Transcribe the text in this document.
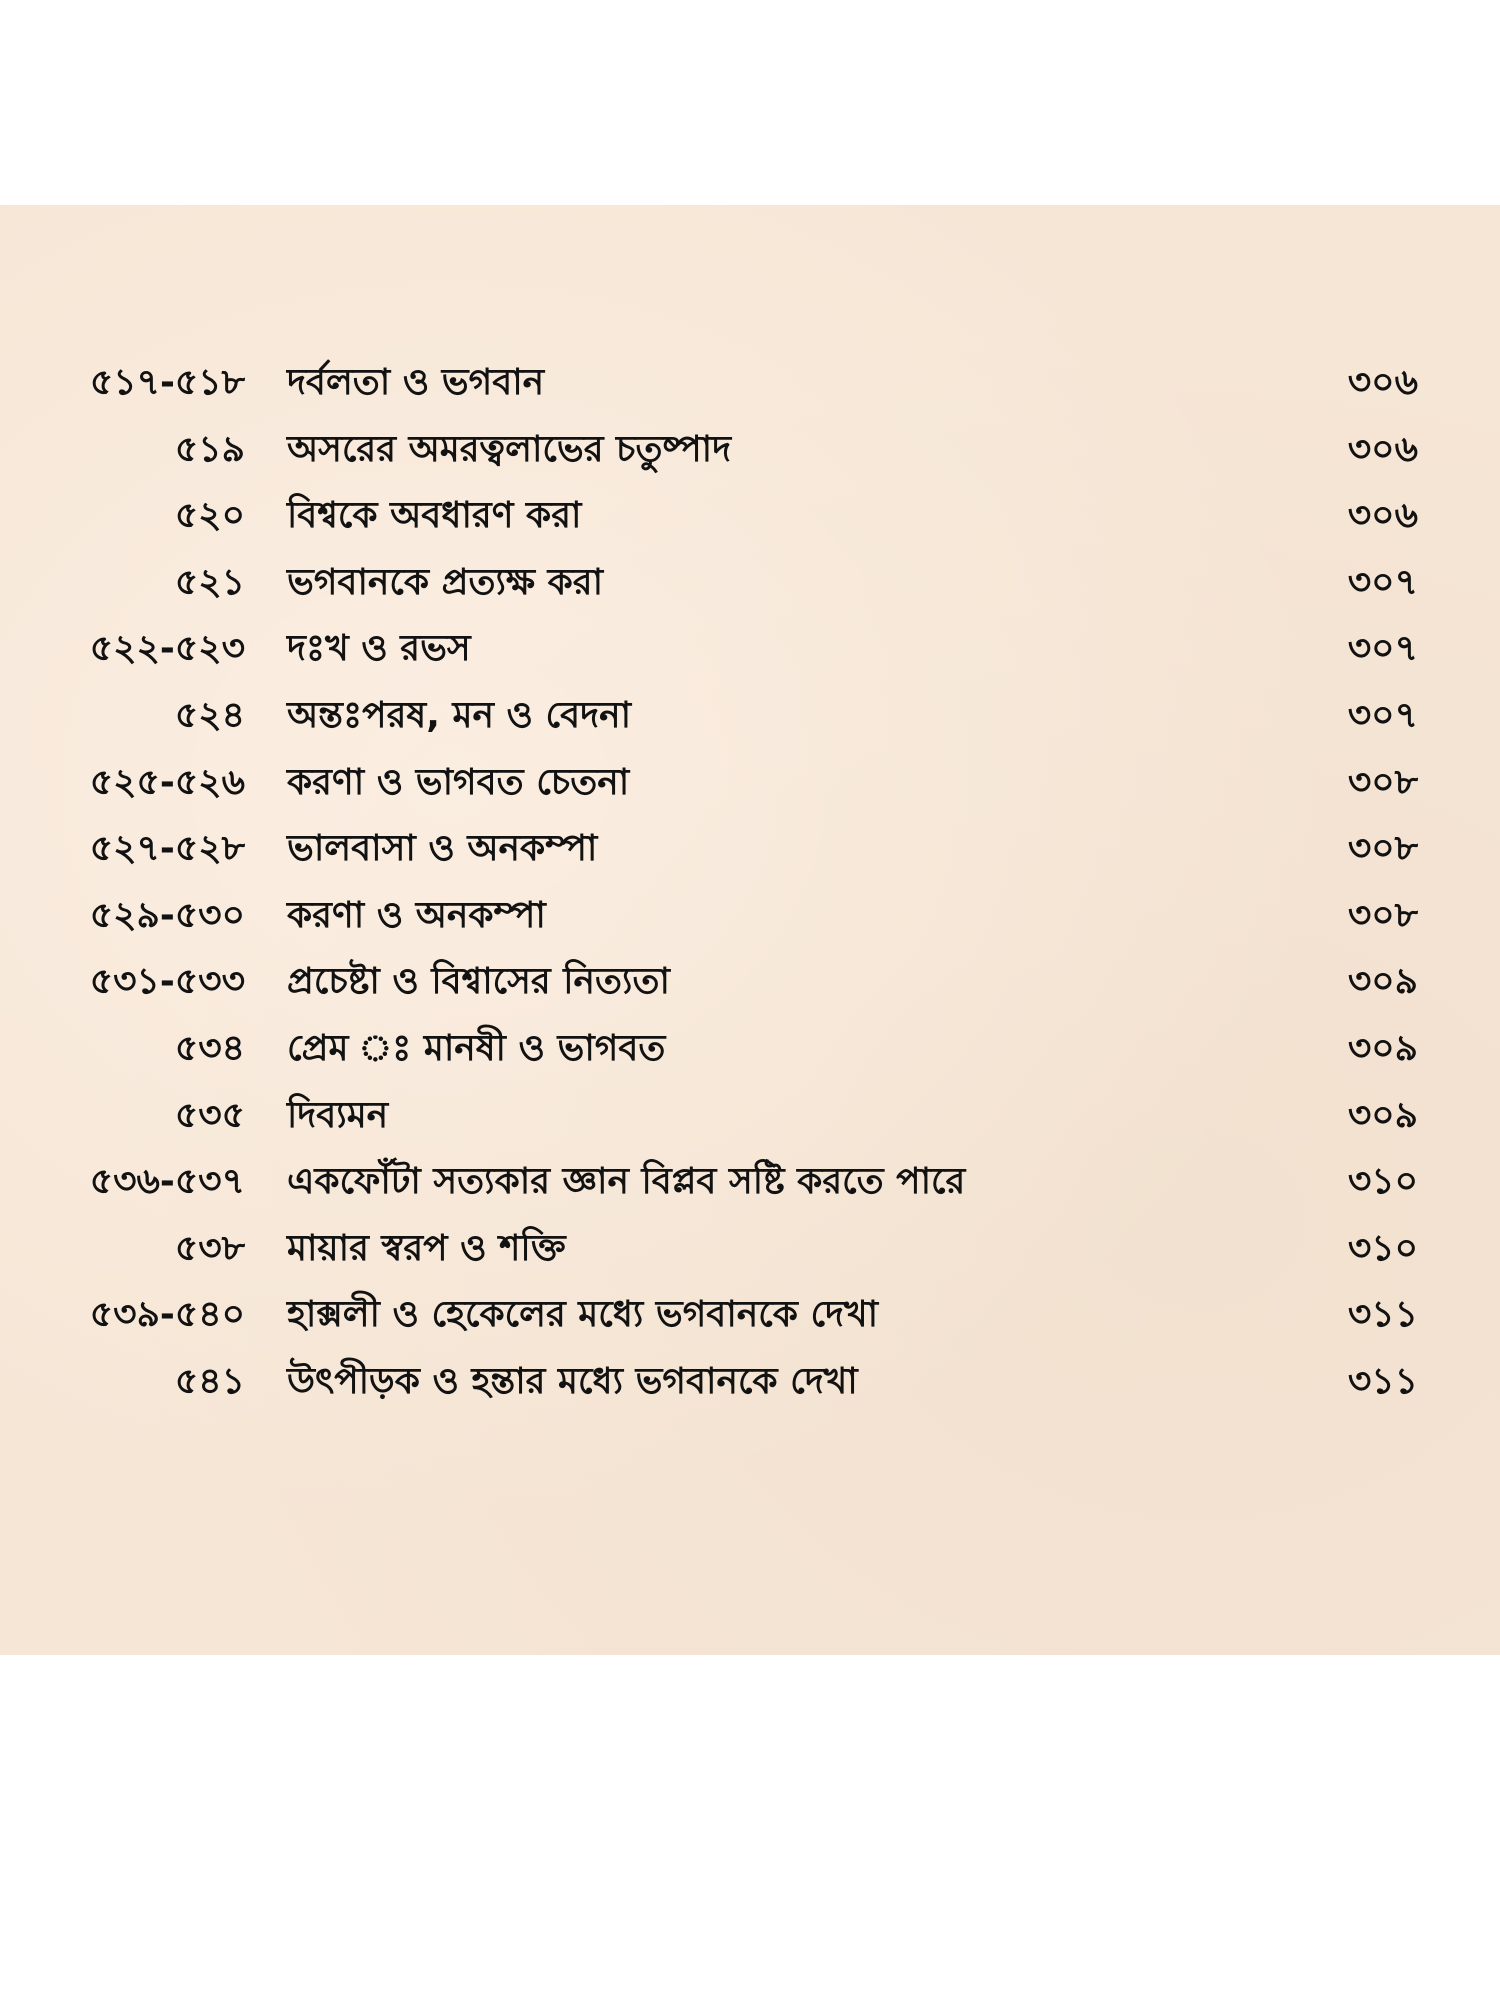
৫১৭-৫১৮ দর্বলতা ও ভগবান	৩০৬
৫১৯ অসরের অমরত্বলাভের চতুষ্পাদ	৩০৬
৫২০ বিশ্বকে অবধারণ করা	৩০৬
৫২১ ভগবানকে প্রত্যক্ষ করা	৩০৭
৫২২-৫২৩ দঃখ ও রভস	৩০৭
৫২৪ অন্তঃপরষ, মন ও বেদনা	৩০৭
৫২৫-৫২৬ করণা ও ভাগবত চেতনা	৩০৮
৫২৭-৫২৮ ভালবাসা ও অনকম্পা	৩০৮
৫২৯-৫৩০ করণা ও অনকম্পা	৩০৮
৫৩১-৫৩৩ প্রচেষ্টা ও বিশ্বাসের নিত্যতা	৩০৯
৫৩৪ প্রেম ঃ মানষী ও ভাগবত	৩০৯
৫৩৫ দিব্যমন	৩০৯
৫৩৬-৫৩৭ একফোঁটা সত্যকার জ্ঞান বিপ্লব সষ্টি করতে পারে	৩১০
৫৩৮ মায়ার স্বরপ ও শক্তি	৩১০
৫৩৯-৫৪০ হাক্সলী ও হেকেলের মধ্যে ভগবানকে দেখা	৩১১
৫৪১ উৎপীড়ক ও হন্তার মধ্যে ভগবানকে দেখা	৩১১
